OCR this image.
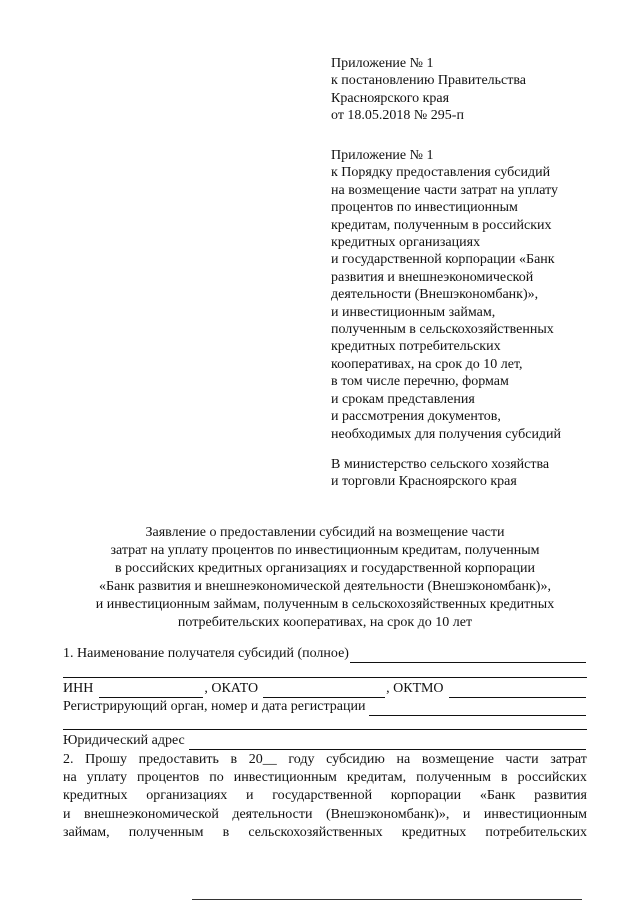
Приложение № 1
к постановлению Правительства
Красноярского края
от 18.05.2018 № 295-п
Приложение № 1
к Порядку предоставления субсидий
на возмещение части затрат на уплату
процентов по инвестиционным
кредитам, полученным в российских
кредитных организациях
и государственной корпорации «Банк
развития и внешнеэкономической
деятельности (Внешэкономбанк)»,
и инвестиционным займам,
полученным в сельскохозяйственных
кредитных потребительских
кооперативах, на срок до 10 лет,
в том числе перечню, формам
и срокам представления
и рассмотрения документов,
необходимых для получения субсидий
В министерство сельского хозяйства
и торговли Красноярского края
Заявление о предоставлении субсидий на возмещение части
затрат на уплату процентов по инвестиционным кредитам, полученным
в российских кредитных организациях и государственной корпорации
«Банк развития и внешнеэкономической деятельности (Внешэкономбанк)»,
и инвестиционным займам, полученным в сельскохозяйственных кредитных
потребительских кооперативах, на срок до 10 лет
1. Наименование получателя субсидий (полное)
ИНН	, ОКАТО	, ОКТМО
Регистрирующий орган, номер и дата регистрации
Юридический адрес
2. Прошу предоставить в 20__ году субсидию на возмещение части затрат
на уплату процентов по инвестиционным кредитам, полученным в российских
кредитных организациях и государственной корпорации «Банк развития
и внешнеэкономической деятельности (Внешэкономбанк)», и инвестиционным
займам, полученным в сельскохозяйственных кредитных потребительских
